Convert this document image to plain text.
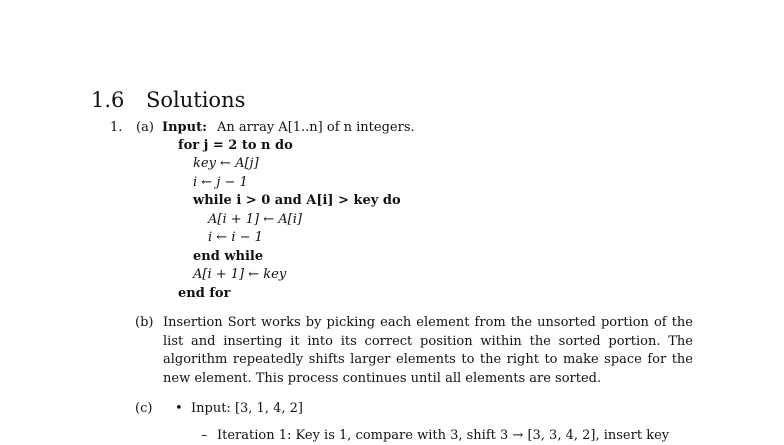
1.6 Solutions
1. (a) Input: An array A[1..n] of n integers.
for j = 2 to n do
key ← A[j]
i ← j − 1
while i > 0 and A[i] > key do
A[i + 1] ← A[i]
i ← i − 1
end while
A[i + 1] ← key
end for
(b) Insertion Sort works by picking each element from the unsorted portion of the list and inserting it into its correct position within the sorted portion. The algorithm repeatedly shifts larger elements to the right to make space for the new element. This process continues until all elements are sorted.
(c) • Input: [3, 1, 4, 2]
– Iteration 1: Key is 1, compare with 3, shift 3 → [3, 3, 4, 2], insert key
